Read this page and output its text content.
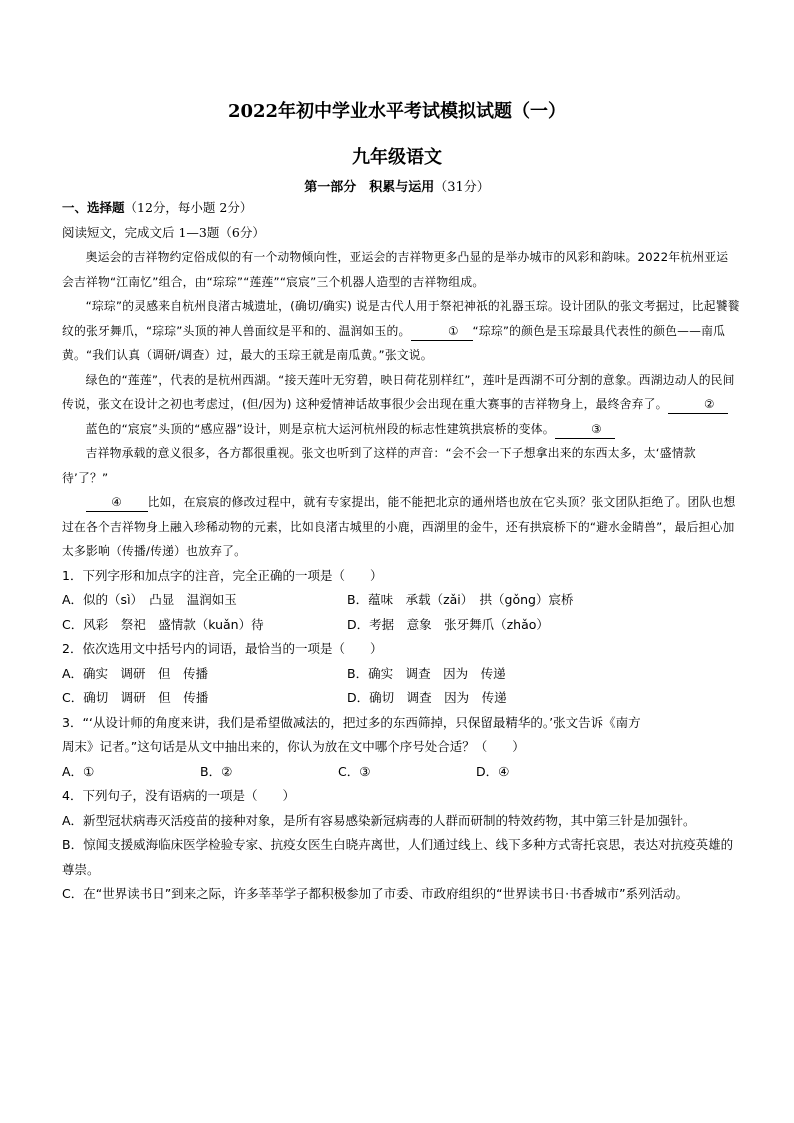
2022年初中学业水平考试模拟试题（一）
九年级语文
第一部分　积累与运用（31分）

一、选择题（12分，每小题 2分）

阅读短文，完成文后 1—3题（6分）

奥运会的吉祥物约定俗成似的有一个动物倾向性，亚运会的吉祥物更多凸显的是举办城市的风彩和韵味。2022年杭州亚运会吉祥物“江南忆”组合，由“琮琮”“莲莲”“宸宸”三个机器人造型的吉祥物组成。

“琮琮”的灵感来自杭州良渚古城遗址，(确切/确实) 说是古代人用于祭祀神祇的礼器玉琮。设计团队的张文考据过，比起饕餮纹的张牙舞爪，“琮琮”头顶的神人兽面纹是平和的、温润如玉的。	① “琮琮”的颜色是玉琮最具代表性的颜色——南瓜黄。“我们认真（调研/调查）过，最大的玉琮王就是南瓜黄。”张文说。

绿色的“莲莲”，代表的是杭州西湖。“接天莲叶无穷碧，映日荷花别样红”，莲叶是西湖不可分割的意象。西湖边动人的民间传说，张文在设计之初也考虑过，(但/因为) 这种爱情神话故事很少会出现在重大赛事的吉祥物身上，最终舍弃了。	②

蓝色的“宸宸”头顶的“感应器”设计，则是京杭大运河杭州段的标志性建筑拱宸桥的变体。	③

吉祥物承载的意义很多，各方都很重视。张文也听到了这样的声音：“会不会一下子想拿出来的东西太多，太‘盛情款待’了？”

④ 比如，在宸宸的修改过程中，就有专家提出，能不能把北京的通州塔也放在它头顶？张文团队拒绝了。团队也想过在各个吉祥物身上融入珍稀动物的元素，比如良渚古城里的小鹿，西湖里的金牛，还有拱宸桥下的“避水金睛兽”，最后担心加太多影响（传播/传递）也放弃了。

1．下列字形和加点字的注音，完全正确的一项是（　　）

A．似的（sì）　凸显　温润如玉	B．蕴味　承载（zǎi）　拱（gǒng）宸桥
C．风彩　祭祀　盛情款（kuǎn）待	D．考据　意象　张牙舞爪（zhǎo）

2．依次选用文中括号内的词语，最恰当的一项是（　　）

A．确实　调研　但　传播	B．确实　调查　因为　传递
C．确切　调研　但　传播	D．确切　调查　因为　传递

3．“‘从设计师的角度来讲，我们是希望做减法的，把过多的东西筛掉，只保留最精华的。’张文告诉《南方

周末》记者。”这句话是从文中抽出来的，你认为放在文中哪个序号处合适？（　　）

A．①	B．②	C．③	D．④

4．下列句子，没有语病的一项是（　　）

A．新型冠状病毒灭活疫苗的接种对象，是所有容易感染新冠病毒的人群而研制的特效药物，其中第三针是加强针。

B．惊闻支援威海临床医学检验专家、抗疫女医生白晓卉离世，人们通过线上、线下多种方式寄托哀思，表达对抗疫英雄的尊崇。

C．在“世界读书日”到来之际，许多莘莘学子都积极参加了市委、市政府组织的“世界读书日·书香城市”系列活动。
